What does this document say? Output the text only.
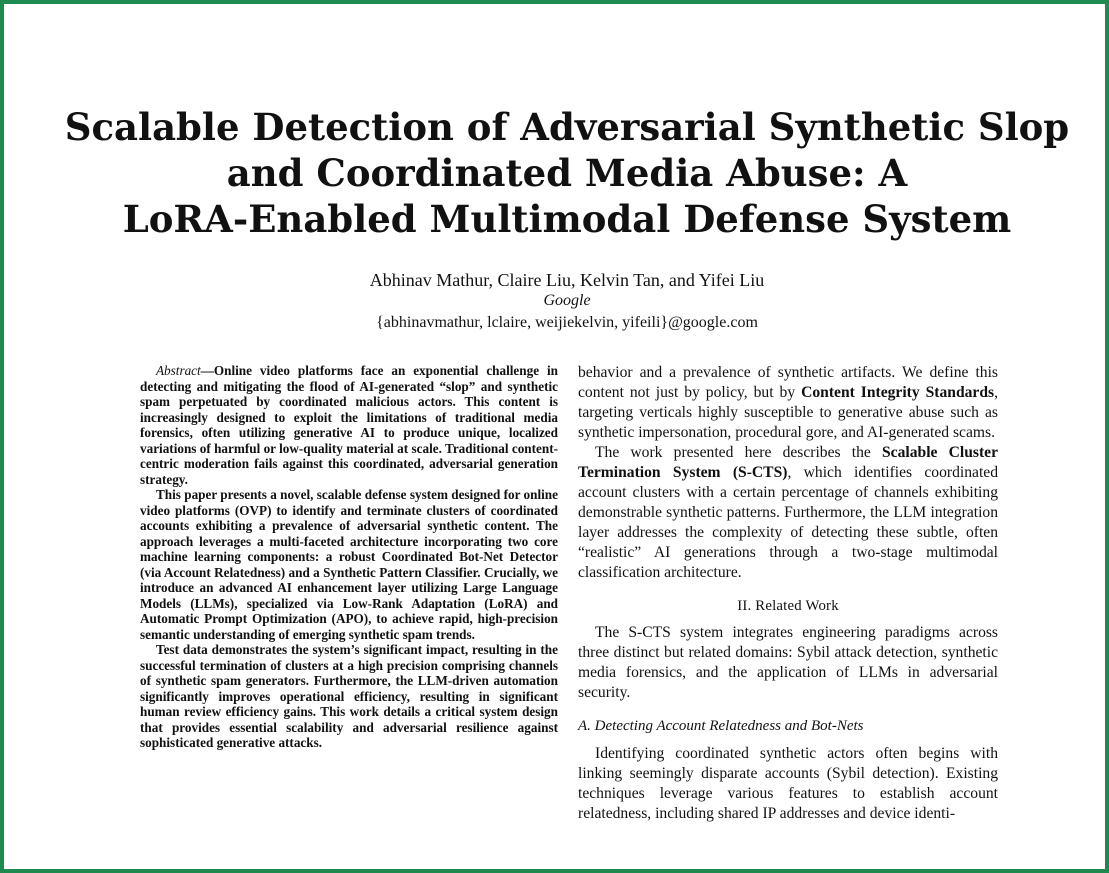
Scalable Detection of Adversarial Synthetic Slop
and Coordinated Media Abuse: A
LoRA-Enabled Multimodal Defense System
Abhinav Mathur, Claire Liu, Kelvin Tan, and Yifei Liu
Google
{abhinavmathur, lclaire, weijiekelvin, yifeili}@google.com

Abstract—Online video platforms face an exponential challenge in detecting and mitigating the flood of AI-generated “slop” and synthetic spam perpetuated by coordinated malicious actors. This content is increasingly designed to exploit the limitations of traditional media forensics, often utilizing generative AI to produce unique, localized variations of harmful or low-quality material at scale. Traditional content-centric moderation fails against this coordinated, adversarial generation strategy.

This paper presents a novel, scalable defense system designed for online video platforms (OVP) to identify and terminate clusters of coordinated accounts exhibiting a prevalence of adversarial synthetic content. The approach leverages a multi-faceted architecture incorporating two core machine learning components: a robust Coordinated Bot-Net Detector (via Account Relatedness) and a Synthetic Pattern Classifier. Crucially, we introduce an advanced AI enhancement layer utilizing Large Language Models (LLMs), specialized via Low-Rank Adaptation (LoRA) and Automatic Prompt Optimization (APO), to achieve rapid, high-precision semantic understanding of emerging synthetic spam trends.

Test data demonstrates the system’s significant impact, resulting in the successful termination of clusters at a high precision comprising channels of synthetic spam generators. Furthermore, the LLM-driven automation significantly improves operational efficiency, resulting in significant human review efficiency gains. This work details a critical system design that provides essential scalability and adversarial resilience against sophisticated generative attacks.

behavior and a prevalence of synthetic artifacts. We define this content not just by policy, but by Content Integrity Standards, targeting verticals highly susceptible to generative abuse such as synthetic impersonation, procedural gore, and AI-generated scams.

The work presented here describes the Scalable Cluster Termination System (S-CTS), which identifies coordinated account clusters with a certain percentage of channels exhibiting demonstrable synthetic patterns. Furthermore, the LLM integration layer addresses the complexity of detecting these subtle, often “realistic” AI generations through a two-stage multimodal classification architecture.

II. Related Work

The S-CTS system integrates engineering paradigms across three distinct but related domains: Sybil attack detection, synthetic media forensics, and the application of LLMs in adversarial security.

A. Detecting Account Relatedness and Bot-Nets

Identifying coordinated synthetic actors often begins with linking seemingly disparate accounts (Sybil detection). Existing techniques leverage various features to establish account relatedness, including shared IP addresses and device identi-
